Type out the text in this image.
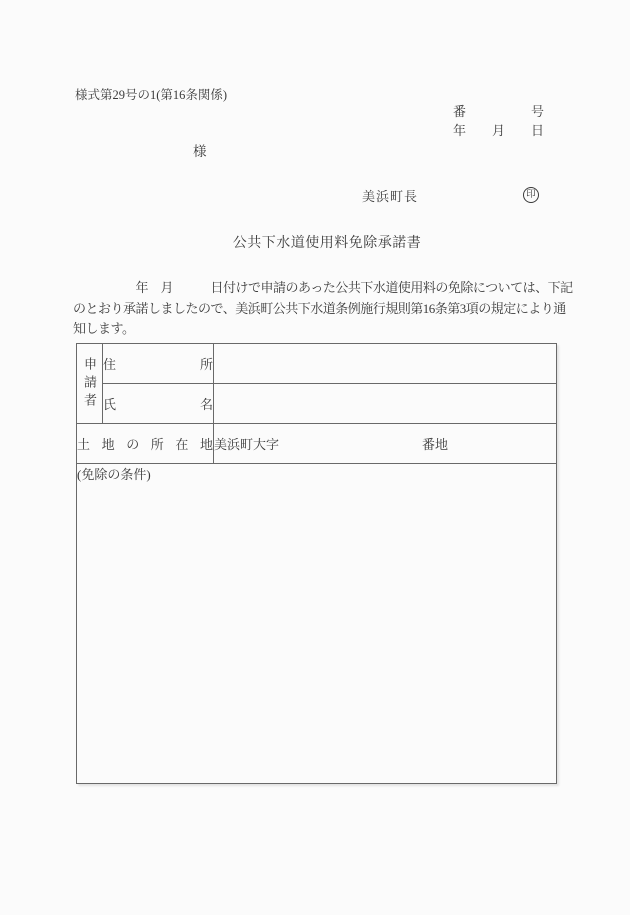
様式第29号の1(第16条関係)
番　　　　　号
年　　月　　日
様
美浜町長	印
公共下水道使用料免除承諾書
　　　　　年　月　　　日付けで申請のあった公共下水道使用料の免除については、下記
のとおり承諾しましたので、美浜町公共下水道条例施行規則第16条第3項の規定により通
知します。
申請者	住所	
	氏名	
土地の所在地		美浜町大字 番地
(免除の条件)		
